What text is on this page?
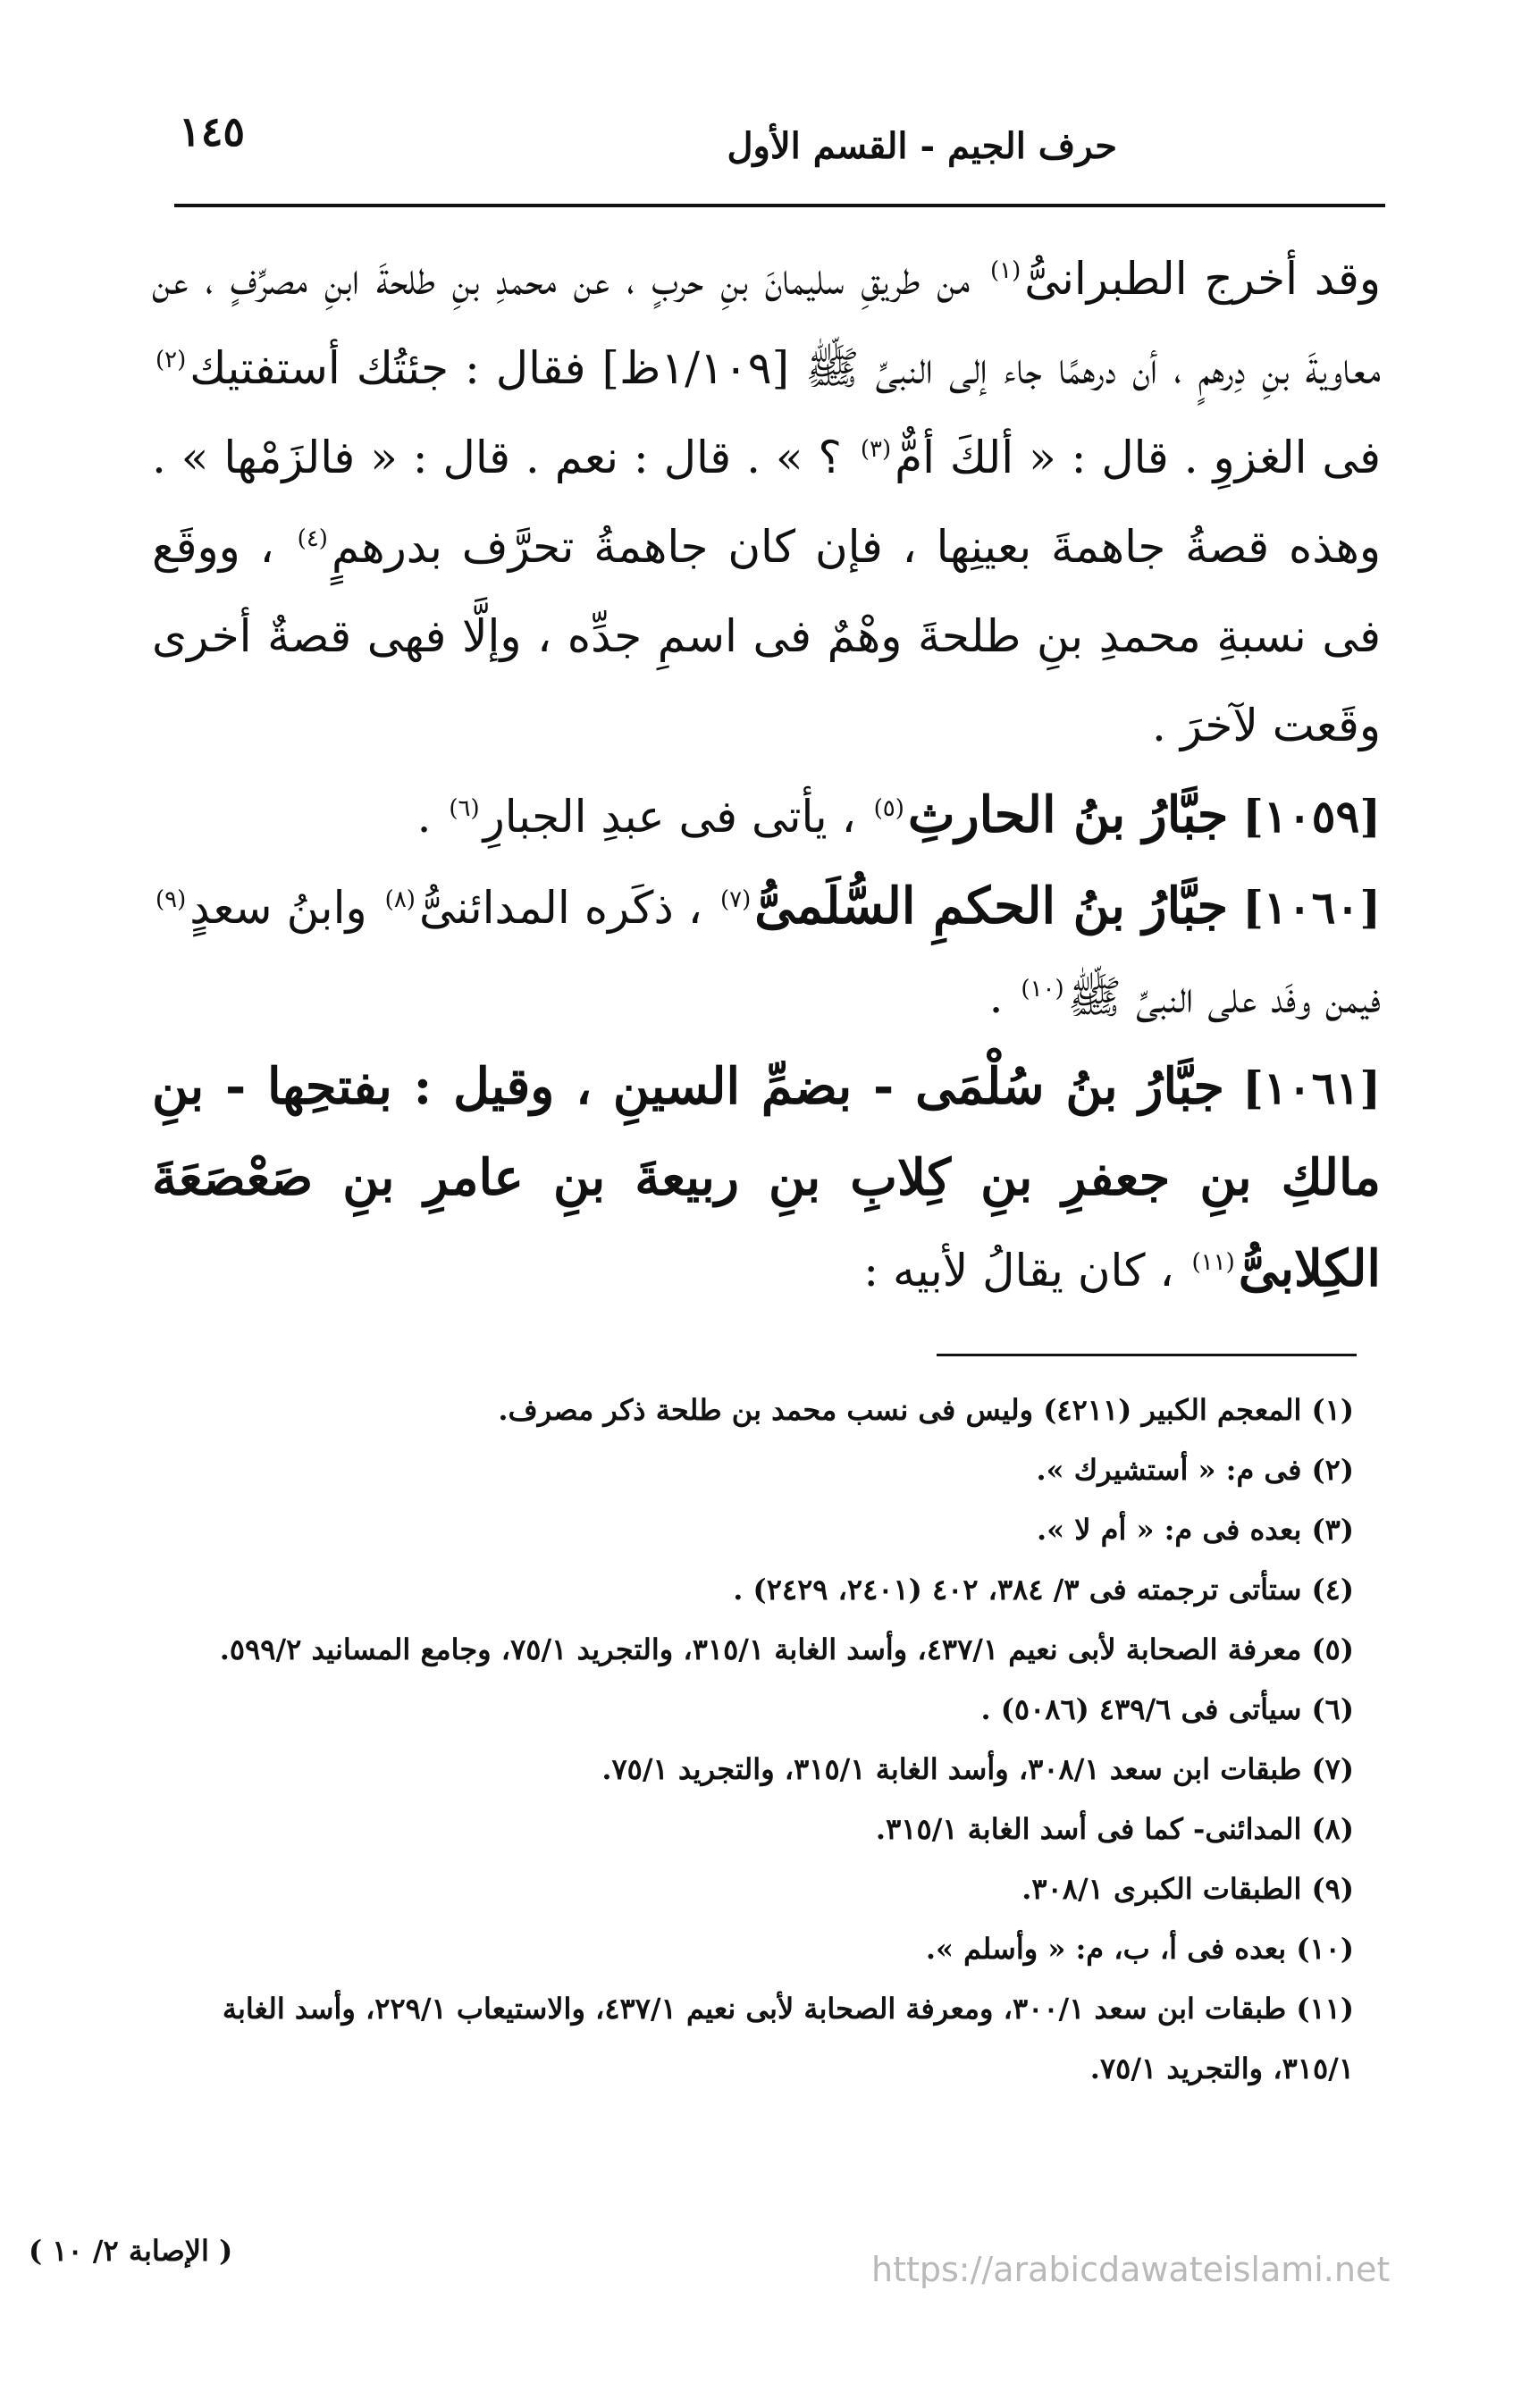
١٤٥	حرف الجيم - القسم الأول

وقد أخرج الطبرانىُّ$^{(١)}$ من طريقِ سليمانَ بنِ حربٍ ، عن محمدِ بنِ طلحةَ ابنِ مصرِّفٍ ، عن معاويةَ بنِ دِرهمٍ ، أن درهمًا جاء إلى النبىِّ ﷺ [١/١٠٩ظ] فقال : جئتُك أستفتيك$^{(٢)}$ فى الغزوِ . قال : « ألكَ أمٌّ$^{(٣)}$ ؟ » . قال : نعم . قال : « فالزَمْها » . وهذه قصةُ جاهمةَ بعينِها ، فإن كان جاهمةُ تحرَّف بدرهمٍ$^{(٤)}$ ، ووقَع فى نسبةِ محمدِ بنِ طلحةَ وهْمٌ فى اسمِ جدِّه ، وإلَّا فهى قصةٌ أخرى وقَعت لآخرَ .

[١٠٥٩] جبَّارُ بنُ الحارثِ$^{(٥)}$ ، يأتى فى عبدِ الجبارِ$^{(٦)}$ .

[١٠٦٠] جبَّارُ بنُ الحكمِ السُّلَمىُّ$^{(٧)}$ ، ذكَره المدائنىُّ$^{(٨)}$ وابنُ سعدٍ$^{(٩)}$ فيمن وفَد على النبىِّ ﷺ$^{(١٠)}$ .

[١٠٦١] جبَّارُ بنُ سُلْمَى - بضمِّ السينِ ، وقيل : بفتحِها - بنِ مالكِ بنِ جعفرِ بنِ كِلابِ بنِ ربيعةَ بنِ عامرِ بنِ صَعْصَعَةَ الكِلابىُّ$^{(١١)}$ ، كان يقالُ لأبيه :

(١) المعجم الكبير (٤٢١١) وليس فى نسب محمد بن طلحة ذكر مصرف.

(٢) فى م: « أستشيرك ».

(٣) بعده فى م: « أم لا ».

(٤) ستأتى ترجمته فى ٣/ ٣٨٤، ٤٠٢ (٢٤٠١، ٢٤٢٩) .

(٥) معرفة الصحابة لأبى نعيم ٤٣٧/١، وأسد الغابة ٣١٥/١، والتجريد ٧٥/١، وجامع المسانيد ٥٩٩/٢.

(٦) سيأتى فى ٤٣٩/٦ (٥٠٨٦) .

(٧) طبقات ابن سعد ٣٠٨/١، وأسد الغابة ٣١٥/١، والتجريد ٧٥/١.

(٨) المدائنى- كما فى أسد الغابة ٣١٥/١.

(٩) الطبقات الكبرى ٣٠٨/١.

(١٠) بعده فى أ، ب، م: « وأسلم ».

(١١) طبقات ابن سعد ٣٠٠/١، ومعرفة الصحابة لأبى نعيم ٤٣٧/١، والاستيعاب ٢٢٩/١، وأسد الغابة ٣١٥/١، والتجريد ٧٥/١.

( الإصابة ٢/ ١٠ )	https://arabicdawateislami.net
